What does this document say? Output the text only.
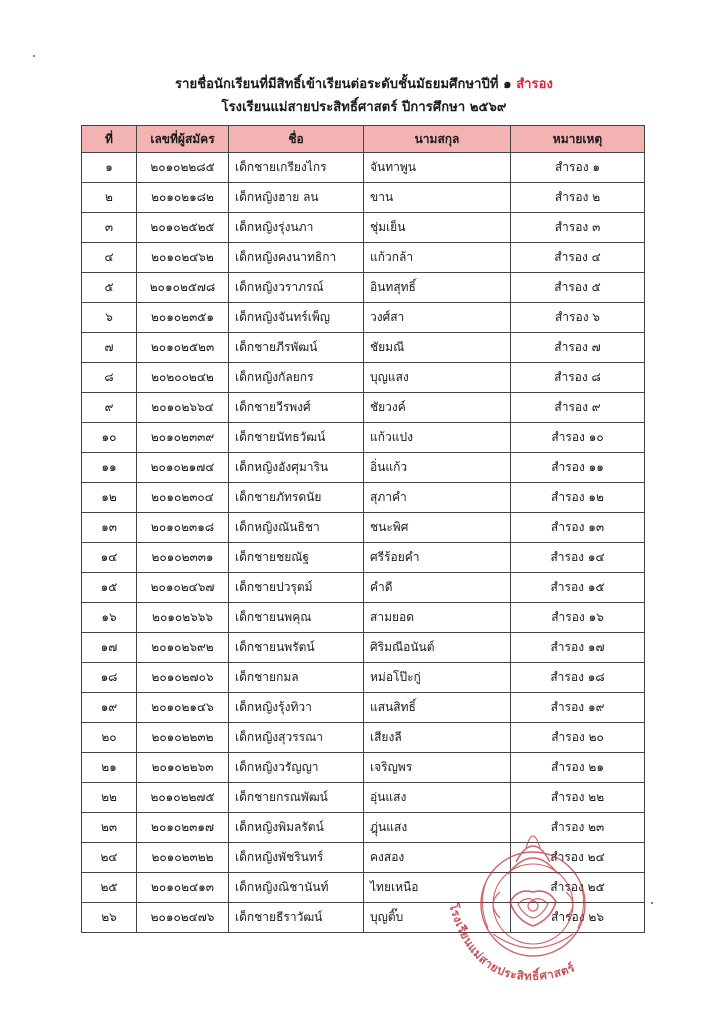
รายชื่อนักเรียนที่มีสิทธิ์เข้าเรียนต่อระดับชั้นมัธยมศึกษาปีที่ ๑ สำรอง
โรงเรียนแม่สายประสิทธิ์ศาสตร์ ปีการศึกษา ๒๕๖๙
ที่	เลขที่ผู้สมัคร	ชื่อ	นามสกุล	หมายเหตุ
๑	๒๐๑๐๒๒๘๕	เด็กชายเกรียงไกร	จันทาพูน	สำรอง ๑
๒	๒๐๑๐๒๑๘๒	เด็กหญิงฮาย ลน	ขาน	สำรอง ๒
๓	๒๐๑๐๒๕๒๕	เด็กหญิงรุ่งนภา	ชุ่มเย็น	สำรอง ๓
๔	๒๐๑๐๒๔๖๒	เด็กหญิงคงนาทธิกา	แก้วกล้า	สำรอง ๔
๕	๒๐๑๐๒๕๗๘	เด็กหญิงวราภรณ์	อินทสุทธิ์	สำรอง ๕
๖	๒๐๑๐๒๓๕๑	เด็กหญิงจันทร์เพ็ญ	วงศ์สา	สำรอง ๖
๗	๒๐๑๐๒๕๒๓	เด็กชายภีรพัฒน์	ชัยมณี	สำรอง ๗
๘	๒๐๒๐๐๒๔๒	เด็กหญิงกัลยกร	บุญแสง	สำรอง ๘
๙	๒๐๑๐๒๖๖๔	เด็กชายวีรพงศ์	ชัยวงค์	สำรอง ๙
๑๐	๒๐๑๐๒๓๓๙	เด็กชายนัทธวัฒน์	แก้วแปง	สำรอง ๑๐
๑๑	๒๐๑๐๒๑๗๔	เด็กหญิงอังศุมาริน	อิ่นแก้ว	สำรอง ๑๑
๑๒	๒๐๑๐๒๓๐๔	เด็กชายภัทรดนัย	สุภาคำ	สำรอง ๑๒
๑๓	๒๐๑๐๒๓๑๘	เด็กหญิงณันธิชา	ชนะพิศ	สำรอง ๑๓
๑๔	๒๐๑๐๒๓๓๑	เด็กชายชยณัฐ	ศรีร้อยคำ	สำรอง ๑๔
๑๕	๒๐๑๐๒๔๖๗	เด็กชายปวรุตม์	คำดี	สำรอง ๑๕
๑๖	๒๐๑๐๒๖๖๖	เด็กชายนพคุณ	สามยอด	สำรอง ๑๖
๑๗	๒๐๑๐๒๖๙๒	เด็กชายนพรัตน์	ศิริมณีอนันต์	สำรอง ๑๗
๑๘	๒๐๑๐๒๗๐๖	เด็กชายกมล	หม่อโป๊ะกู่	สำรอง ๑๘
๑๙	๒๐๑๐๒๑๔๖	เด็กหญิงรุ้งทิวา	แสนสิทธิ์	สำรอง ๑๙
๒๐	๒๐๑๐๒๒๓๒	เด็กหญิงสุวรรณา	เสียงลี	สำรอง ๒๐
๒๑	๒๐๑๐๒๒๖๓	เด็กหญิงวรัญญา	เจริญพร	สำรอง ๒๑
๒๒	๒๐๑๐๒๒๗๕	เด็กชายกรณพัฒน์	อุ่นแสง	สำรอง ๒๒
๒๓	๒๐๑๐๒๓๑๗	เด็กหญิงพิมลรัตน์	ฎุ่นแสง	สำรอง ๒๓
๒๔	๒๐๑๐๒๓๒๒	เด็กหญิงพัชรินทร์	คงสอง	สำรอง ๒๔
๒๕	๒๐๑๐๒๔๑๓	เด็กหญิงณิชานันท์	ไทยเหนือ	สำรอง ๒๕
๒๖	๒๐๑๐๒๔๗๖	เด็กชายธีราวัฒน์	บุญติ๊บ	สำรอง ๒๖
โรงเรียนแม่สายประสิทธิ์ศาสตร์
